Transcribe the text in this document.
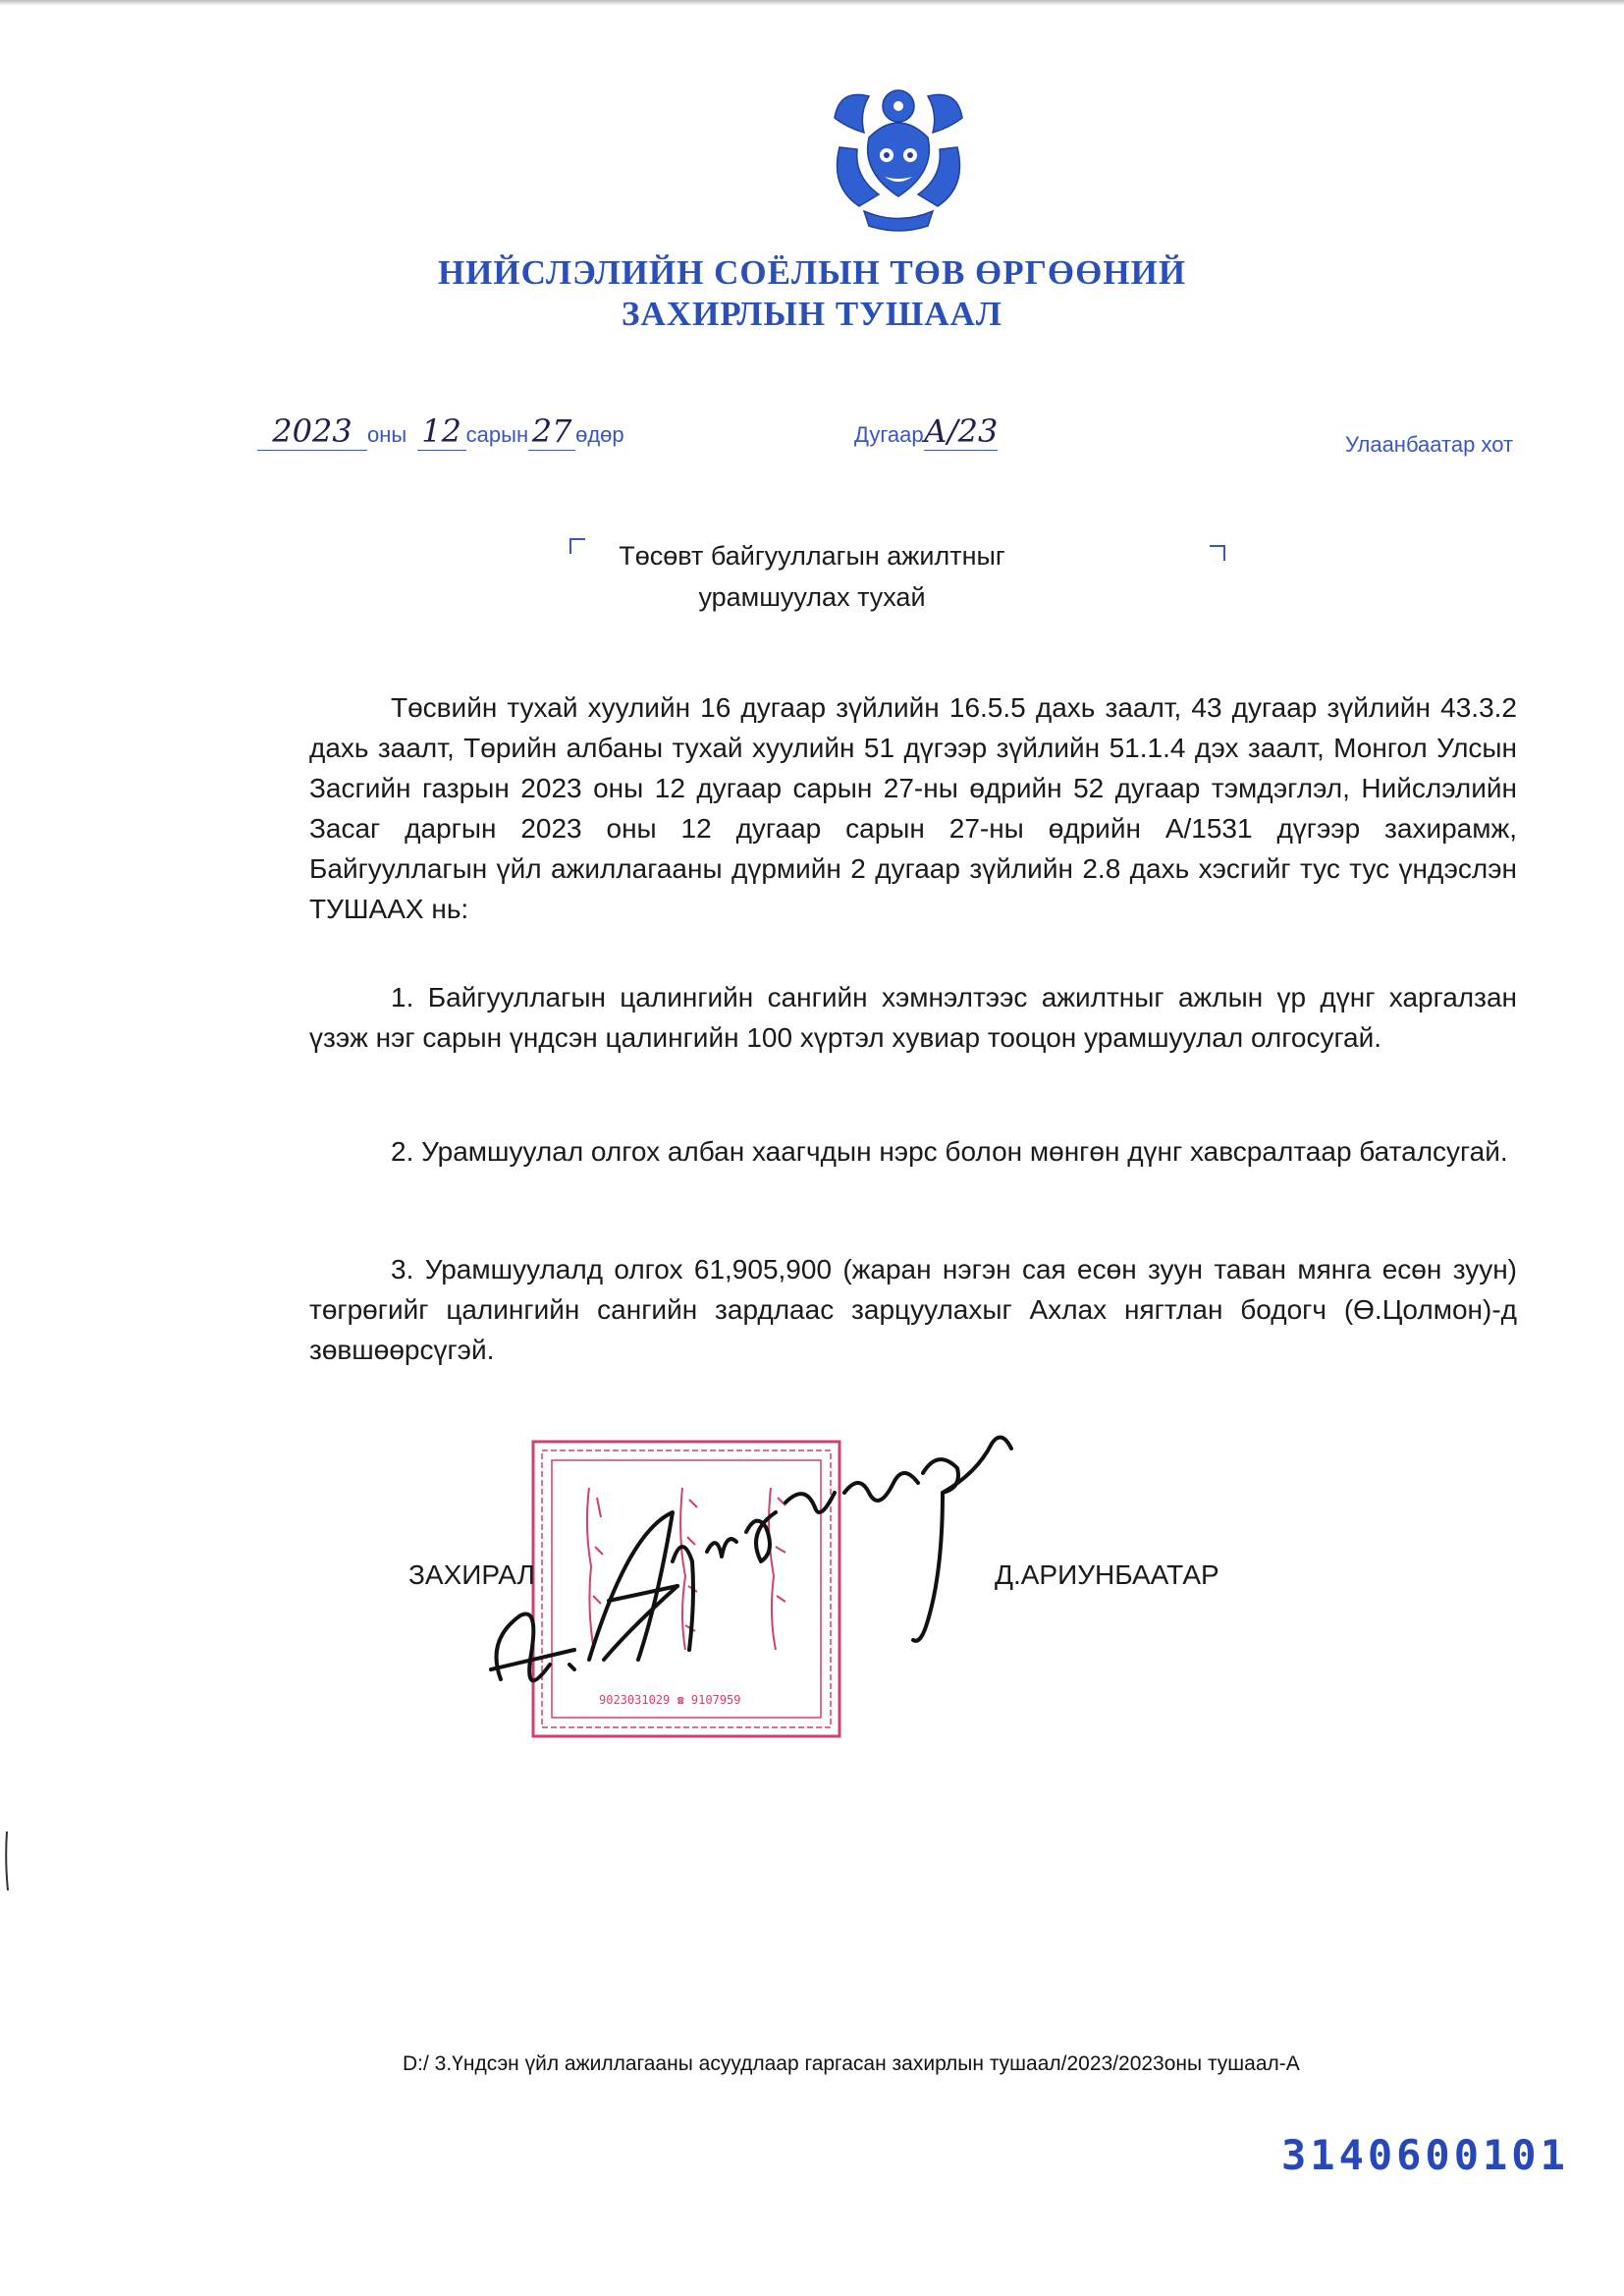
НИЙСЛЭЛИЙН СОЁЛЫН ТӨВ ӨРГӨӨНИЙ
ЗАХИРЛЫН ТУШААЛ
2023 оны 12 сарын 27 өдөр	ДугаарА/23	Улаанбаатар хот
Төсөвт байгууллагын ажилтныг
урамшуулах тухай
Төсвийн тухай хуулийн 16 дугаар зүйлийн 16.5.5 дахь заалт, 43 дугаар зүйлийн 43.3.2 дахь заалт, Төрийн албаны тухай хуулийн 51 дүгээр зүйлийн 51.1.4 дэх заалт, Монгол Улсын Засгийн газрын 2023 оны 12 дугаар сарын 27-ны өдрийн 52 дугаар тэмдэглэл, Нийслэлийн Засаг даргын 2023 оны 12 дугаар сарын 27-ны өдрийн А/1531 дүгээр захирамж, Байгууллагын үйл ажиллагааны дүрмийн 2 дугаар зүйлийн 2.8 дахь хэсгийг тус тус үндэслэн ТУШААХ нь:
1. Байгууллагын цалингийн сангийн хэмнэлтээс ажилтныг ажлын үр дүнг харгалзан үзэж нэг сарын үндсэн цалингийн 100 хүртэл хувиар тооцон урамшуулал олгосугай.
2. Урамшуулал олгох албан хаагчдын нэрс болон мөнгөн дүнг хавсралтаар баталсугай.
3. Урамшуулалд олгох 61,905,900 (жаран нэгэн сая есөн зуун таван мянга есөн зуун) төгрөгийг цалингийн сангийн зардлаас зарцуулахыг Ахлах нягтлан бодогч (Ө.Цолмон)-д зөвшөөрсүгэй.
9023031029 ☎ 9107959
ЗАХИРАЛ	Д.АРИУНБААТАР
D:/ 3.Үндсэн үйл ажиллагааны асуудлаар гаргасан захирлын тушаал/2023/2023оны тушаал-А
3140600101
